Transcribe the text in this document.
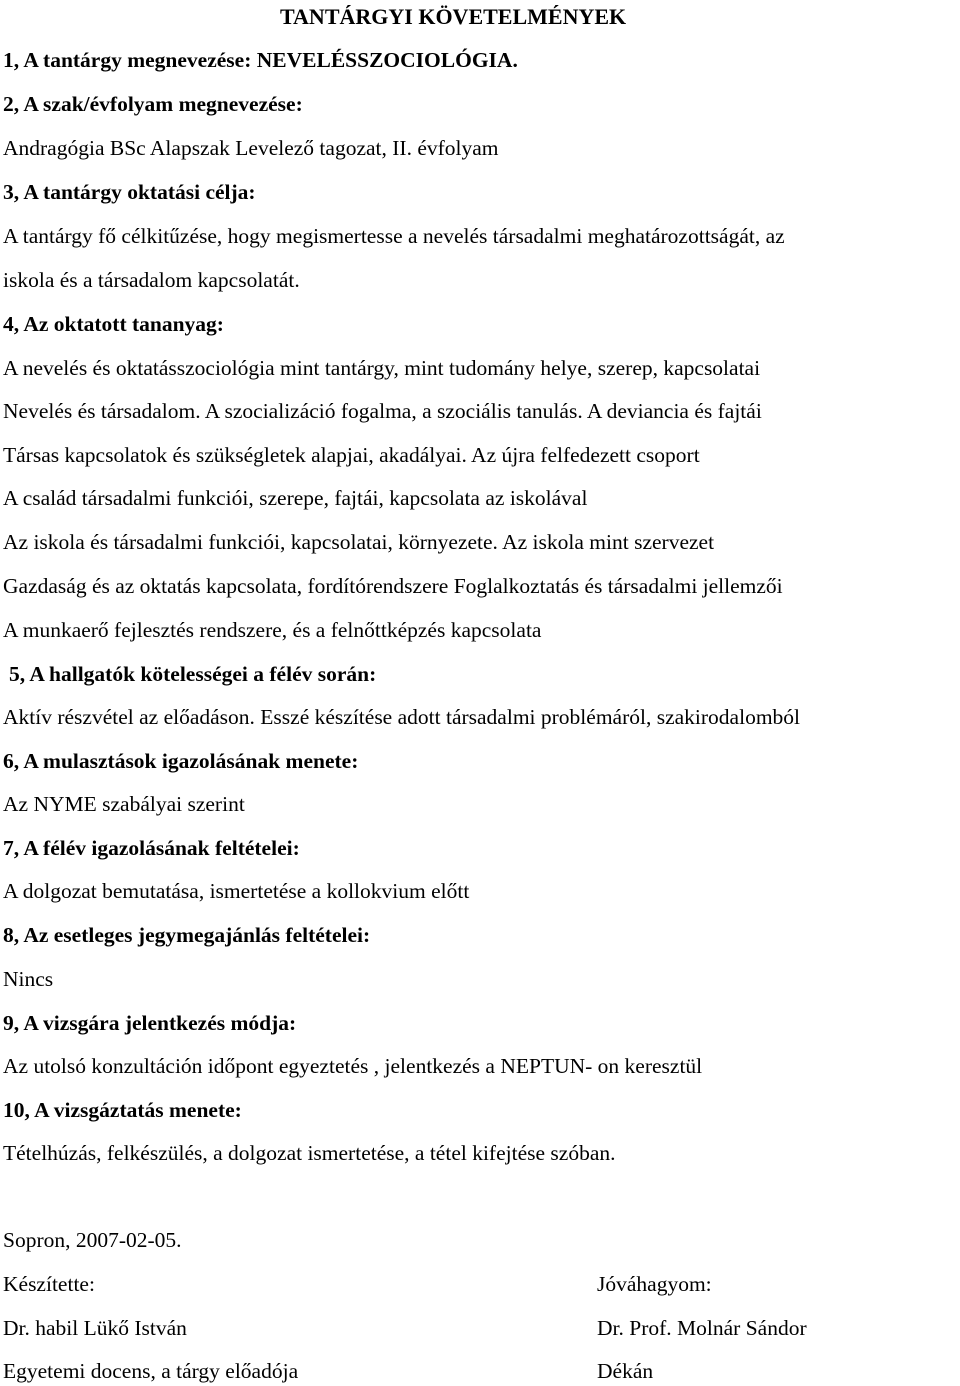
TANTÁRGYI KÖVETELMÉNYEK
1, A tantárgy megnevezése: NEVELÉSSZOCIOLÓGIA.
2, A szak/évfolyam megnevezése:
Andragógia BSc Alapszak Levelező tagozat, II. évfolyam
3, A tantárgy oktatási célja:
A tantárgy fő célkitűzése, hogy megismertesse a nevelés társadalmi meghatározottságát, az
iskola és a társadalom kapcsolatát.
4, Az oktatott tananyag:
A nevelés és oktatásszociológia mint tantárgy, mint tudomány helye, szerep, kapcsolatai
Nevelés és társadalom. A szocializáció fogalma, a szociális tanulás. A deviancia és fajtái
Társas kapcsolatok és szükségletek alapjai, akadályai. Az újra felfedezett csoport
A család társadalmi funkciói, szerepe, fajtái, kapcsolata az iskolával
Az iskola és társadalmi funkciói, kapcsolatai, környezete. Az iskola mint szervezet
Gazdaság és az oktatás kapcsolata, fordítórendszere Foglalkoztatás és társadalmi jellemzői
A munkaerő fejlesztés rendszere, és a felnőttképzés kapcsolata
5, A hallgatók kötelességei a félév során:
Aktív részvétel az előadáson. Esszé készítése adott társadalmi problémáról, szakirodalomból
6, A mulasztások igazolásának menete:
Az NYME szabályai szerint
7, A félév igazolásának feltételei:
A dolgozat bemutatása, ismertetése a kollokvium előtt
8, Az esetleges jegymegajánlás feltételei:
Nincs
9, A vizsgára jelentkezés módja:
Az utolsó konzultáción időpont egyeztetés , jelentkezés a NEPTUN- on keresztül
10, A vizsgáztatás menete:
Tételhúzás, felkészülés, a dolgozat ismertetése, a tétel kifejtése szóban.
Sopron, 2007-02-05.
Készítette:	Jóváhagyom:
Dr. habil Lükő István	Dr. Prof. Molnár Sándor
Egyetemi docens, a tárgy előadója	Dékán
